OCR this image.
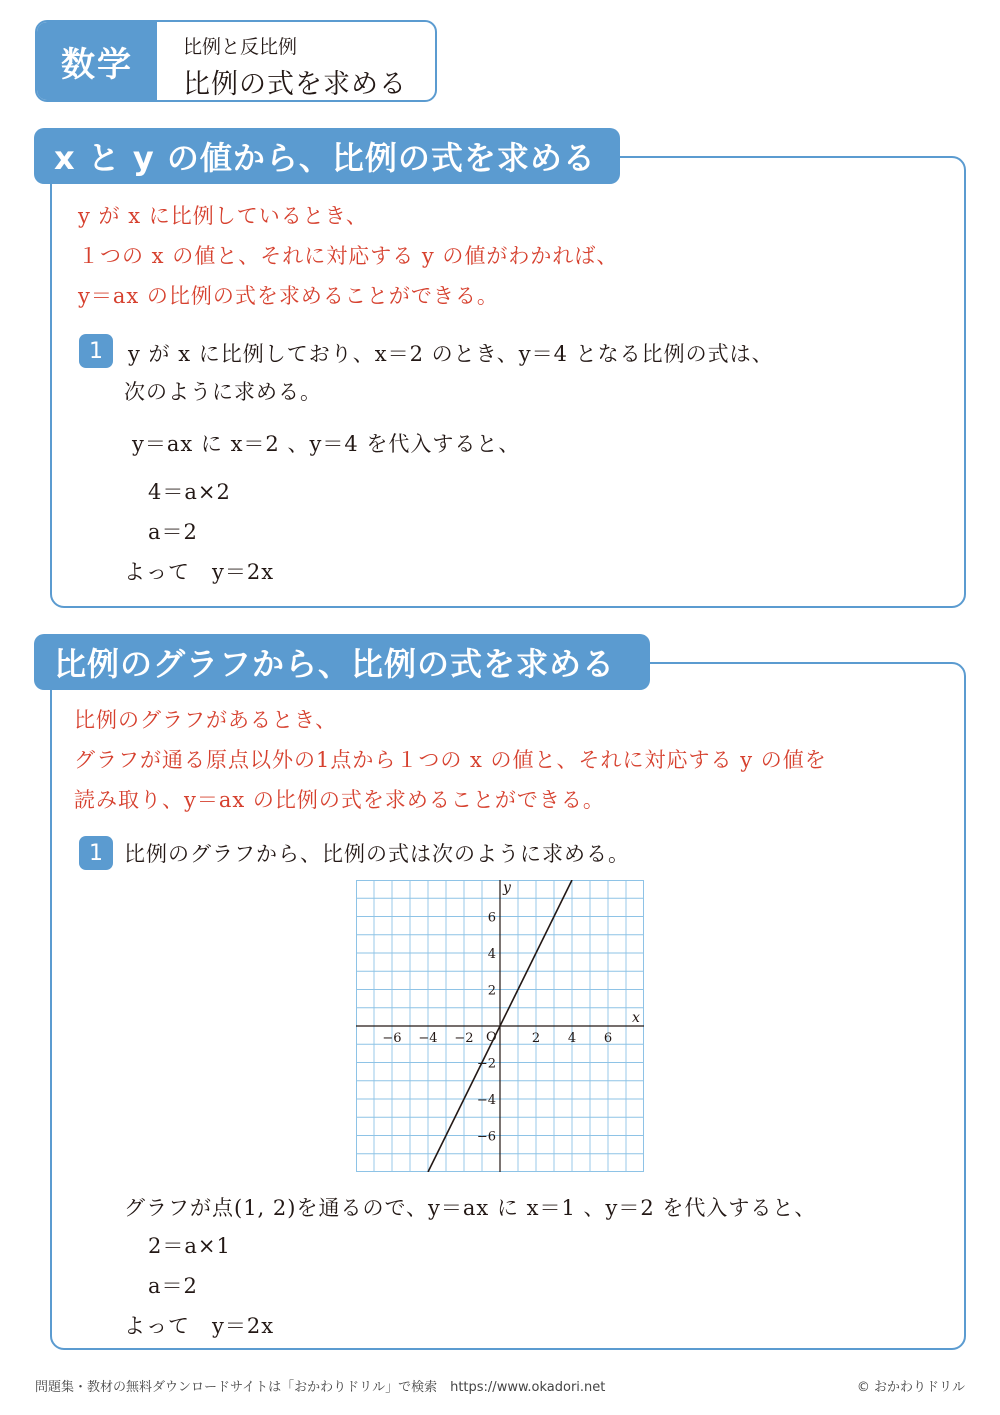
数学	比例と反比例
比例の式を求める
x と y の値から、比例の式を求める
y が x に比例しているとき、
１つの x の値と、それに対応する y の値がわかれば、
y＝ax の比例の式を求めることができる。
1	y が x に比例しており、x＝2 のとき、y＝4 となる比例の式は、
次のように求める。
y＝ax に x＝2 、y＝4 を代入すると、
4＝a×2
a＝2
よって　y＝2x
比例のグラフから、比例の式を求める
比例のグラフがあるとき、
グラフが通る原点以外の1点から１つの x の値と、それに対応する y の値を
読み取り、y＝ax の比例の式を求めることができる。
1	比例のグラフから、比例の式は次のように求める。
−6 −4 −2	2 4 6
−6
−4
−2
2
4
6
x
y
O
グラフが点(1, 2)を通るので、y＝ax に x＝1 、y＝2 を代入すると、
2＝a×1
a＝2
よって　y＝2x
問題集・教材の無料ダウンロードサイトは「おかわりドリル」で検索　https://www.okadori.net	© おかわりドリル
